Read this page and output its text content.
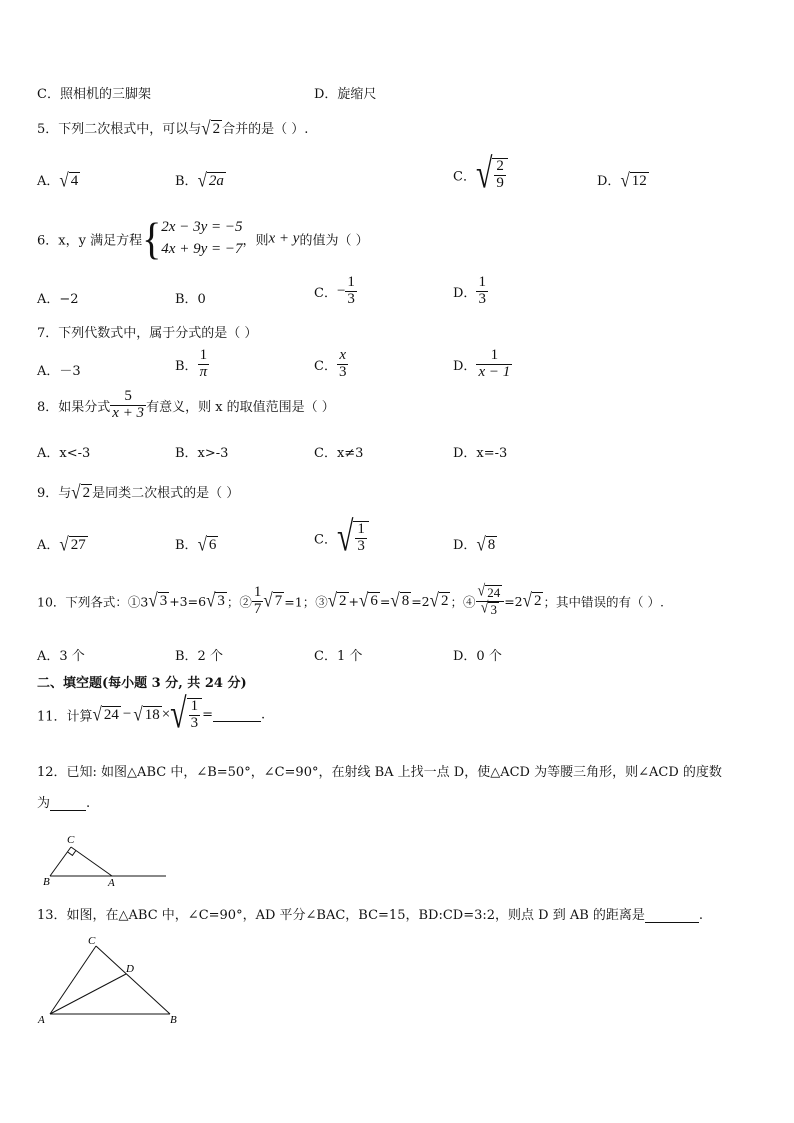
C．照相机的三脚架	D．旋缩尺
5．下列二次根式中，可以与 √ 2 合并的是（ ）.
A． √ 4	B． √ 2a	C． √ $\frac{2}{9}$	D． √ 12
6．x，y 满足方程{ 2x − 3y = −5
4x + 9y = −7 ，则x + y的值为（ ）
A．−2	B．0	C．− $\frac{1}{3}$	D． $\frac{1}{3}$
7．下列代数式中，属于分式的是（ ）
A．－3	B． $\frac{1}{\pi}$	C． $\frac{x}{3}$	D． $\frac{1}{x - 1}$
8．如果分式 $\frac{5}{x + 3}$ 有意义，则 x 的取值范围是（ ）
A．x<-3	B．x>-3	C．x≠3	D．x=-3
9．与 √ 2 是同类二次根式的是（ ）
A． √ 27	B． √ 6	C． √ $\frac{1}{3}$	D． √ 8
10．下列各式：①3 √ 3 +3=6 √ 3 ；② $\frac{1}{7}$ √ 7 =1；③ √ 2 + √ 6 = √ 8 =2 √ 2 ；④ $\frac{√ 24}{√ 3} =2$ √ 2 ；其中错误的有（ ）.
A．3 个	B．2 个	C．1 个	D．0 个
二、填空题(每小题 3 分, 共 24 分)
11．计算 √ 24 − √ 18 × √ $\frac{1}{3}$ =	.
12．已知: 如图△ABC 中，∠B=50°，∠C=90°，在射线 BA 上找一点 D，使△ACD 为等腰三角形，则∠ACD 的度数
为	.
C
B	A
13．如图，在△ABC 中，∠C=90°，AD 平分∠BAC，BC=15，BD:CD=3:2，则点 D 到 AB 的距离是	.
C
D
A	B
